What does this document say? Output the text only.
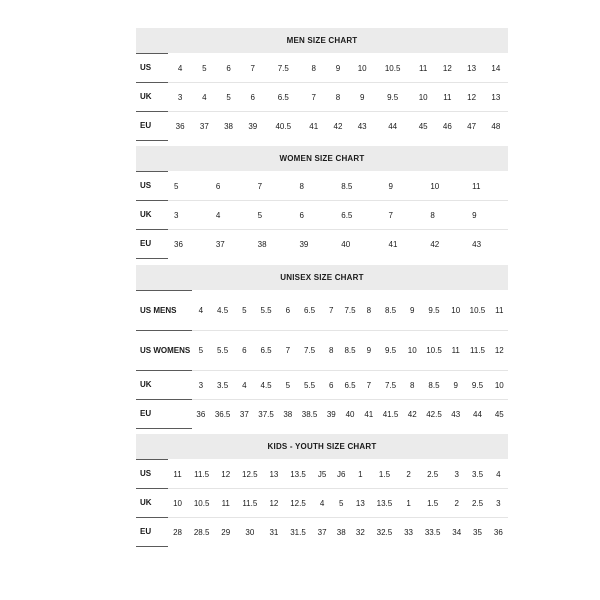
MEN SIZE CHART
US	4	5	6	7	7.5	8	9	10	10.5	11	12	13	14
UK	3	4	5	6	6.5	7	8	9	9.5	10	11	12	13
EU	36	37	38	39	40.5	41	42	43	44	45	46	47	48
WOMEN SIZE CHART
US	5	6	7	8	8.5	9	10	11
UK	3	4	5	6	6.5	7	8	9
EU	36	37	38	39	40	41	42	43
UNISEX SIZE CHART
US MENS	4	4.5	5	5.5	6	6.5	7	7.5	8	8.5	9	9.5	10	10.5	11
US WOMENS	5	5.5	6	6.5	7	7.5	8	8.5	9	9.5	10	10.5	11	11.5	12
UK	3	3.5	4	4.5	5	5.5	6	6.5	7	7.5	8	8.5	9	9.5	10
EU	36	36.5	37	37.5	38	38.5	39	40	41	41.5	42	42.5	43	44	45
KIDS - YOUTH SIZE CHART
US	11	11.5	12	12.5	13	13.5	J5	J6	1	1.5	2	2.5	3	3.5	4
UK	10	10.5	11	11.5	12	12.5	4	5	13	13.5	1	1.5	2	2.5	3
EU	28	28.5	29	30	31	31.5	37	38	32	32.5	33	33.5	34	35	36
